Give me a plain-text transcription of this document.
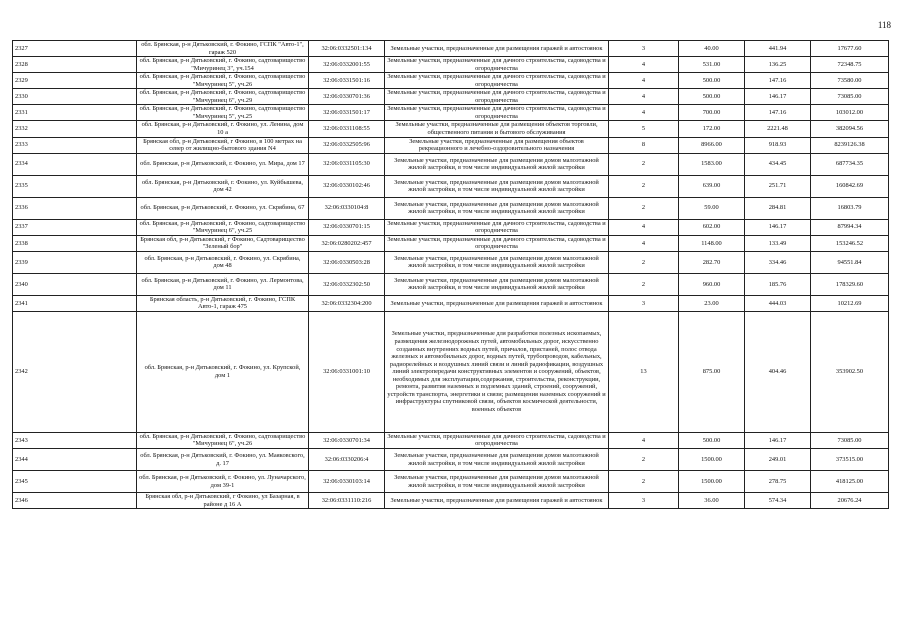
118
2327	обл. Брянская, р-н Дятьковский, г. Фокино, ГСПК "Авто-1", гараж 520	32:06:0332501:134	Земельные участки, предназначенные для размещения гаражей и автостоянок	3	40.00	441.94	17677.60
2328	обл. Брянская, р-н Дятьковский, г. Фокино, садтоварищество "Мичуринец 3", уч.154	32:06:0332001:55	Земельные участки, предназначенные для дачного строительства, садоводства и огородничества	4	531.00	136.25	72348.75
2329	обл. Брянская, р-н Дятьковский, г. Фокино, садтоварищество "Мичуринец 5", уч.26	32:06:0331501:16	Земельные участки, предназначенные для дачного строительства, садоводства и огородничества	4	500.00	147.16	73580.00
2330	обл. Брянская, р-н Дятьковский, г. Фокино, садтоварищество "Мичуринец 6", уч.29	32:06:0330701:36	Земельные участки, предназначенные для дачного строительства, садоводства и огородничества	4	500.00	146.17	73085.00
2331	обл. Брянская, р-н Дятьковский, г. Фокино, садтоварищество "Мичуринец 5", уч.25	32:06:0331501:17	Земельные участки, предназначенные для дачного строительства, садоводства и огородничества	4	700.00	147.16	103012.00
2332	обл. Брянская, р-н Дятьковский, г. Фокино, ул. Ленина, дом 10 а	32:06:0331108:55	Земельные участки, предназначенные для размещения объектов торговли, общественного питания и бытового обслуживания	5	172.00	2221.48	382094.56
2333	Брянская обл, р-н Дятьковский, г Фокино, в 100 метрах на север от жилищно-бытового здания N4	32:06:0332505:96	Земельные участки, предназначенные для размещения объектов рекреационного и лечебно-оздоровительного назначения	8	8966.00	918.93	8239126.38
2334	обл. Брянская, р-н Дятьковский, г. Фокино, ул. Мира, дом 17	32:06:0331105:30	Земельные участки, предназначенные для размещения домов малоэтажной жилой застройки, в том числе индивидуальной жилой застройки	2	1583.00	434.45	687734.35
2335	обл. Брянская, р-н Дятьковский, г. Фокино, ул. Куйбышева, дом 42	32:06:0330102:46	Земельные участки, предназначенные для размещения домов малоэтажной жилой застройки, в том числе индивидуальной жилой застройки	2	639.00	251.71	160842.69
2336	обл. Брянская, р-н Дятьковский, г. Фокино, ул. Скрябина, 67	32:06:0330104:8	Земельные участки, предназначенные для размещения домов малоэтажной жилой застройки, в том числе индивидуальной жилой застройки	2	59.00	284.81	16803.79
2337	обл. Брянская, р-н Дятьковский, г. Фокино, садтоварищество "Мичуринец 6", уч.25	32:06:0330701:15	Земельные участки, предназначенные для дачного строительства, садоводства и огородничества	4	602.00	146.17	87994.34
2338	Брянская обл, р-н Дятьковский, г Фокино, Садтоварищество "Зеленый бор"	32:06:0280202:457	Земельные участки, предназначенные для дачного строительства, садоводства и огородничества	4	1148.00	133.49	153246.52
2339	обл. Брянская, р-н Дятьковский, г. Фокино, ул. Скрябина, дом 48	32:06:0330503:28	Земельные участки, предназначенные для размещения домов малоэтажной жилой застройки, в том числе индивидуальной жилой застройки	2	282.70	334.46	94551.84
2340	обл. Брянская, р-н Дятьковский, г. Фокино, ул. Лермонтова, дом 11	32:06:0332302:50	Земельные участки, предназначенные для размещения домов малоэтажной жилой застройки, в том числе индивидуальной жилой застройки	2	960.00	185.76	178329.60
2341	Брянская область, р-н Дятьковский, г. Фокино, ГСПК Авто-1, гараж 475	32:06:0332304:200	Земельные участки, предназначенные для размещения гаражей и автостоянок	3	23.00	444.03	10212.69
2342	обл. Брянская, р-н Дятьковский, г. Фокино, ул. Крупской, дом 1	32:06:0331001:10	Земельные участки, предназначенные для разработки полезных ископаемых, размещения железнодорожных путей, автомобильных дорог, искусственно созданных внутренних водных путей, причалов, пристаней, полос отвода железных и автомобильных дорог, водных путей, трубопроводов, кабельных, радиорелейных и воздушных линий связи и линий радиофикации, воздушных линий электропередачи конструктивных элементов и сооружений, объектов, необходимых для эксплуатации,содержания, строительства, реконструкции, ремонта, развития наземных и подземных зданий, строений, сооружений, устройств транспорта, энергетики и связи; размещения наземных сооружений и инфраструктуры спутниковой связи, объектов космической деятельности, военных объектов	13	875.00	404.46	353902.50
2343	обл. Брянская, р-н Дятьковский, г. Фокино, садтоварищество "Мичуринец 6", уч.26	32:06:0330701:34	Земельные участки, предназначенные для дачного строительства, садоводства и огородничества	4	500.00	146.17	73085.00
2344	обл. Брянская, р-н Дятьковский, г. Фокино, ул. Маяковского, д. 17	32:06:0330206:4	Земельные участки, предназначенные для размещения домов малоэтажной жилой застройки, в том числе индивидуальной жилой застройки	2	1500.00	249.01	373515.00
2345	обл. Брянская, р-н Дятьковский, г. Фокино, ул. Луначарского, дом 39-1	32:06:0330103:14	Земельные участки, предназначенные для размещения домов малоэтажной жилой застройки, в том числе индивидуальной жилой застройки	2	1500.00	278.75	418125.00
2346	Брянская обл, р-н Дятьковский, г Фокино, ул Базарная, в районе д 16 А	32:06:0331110:216	Земельные участки, предназначенные для размещения гаражей и автостоянок	3	36.00	574.34	20676.24
